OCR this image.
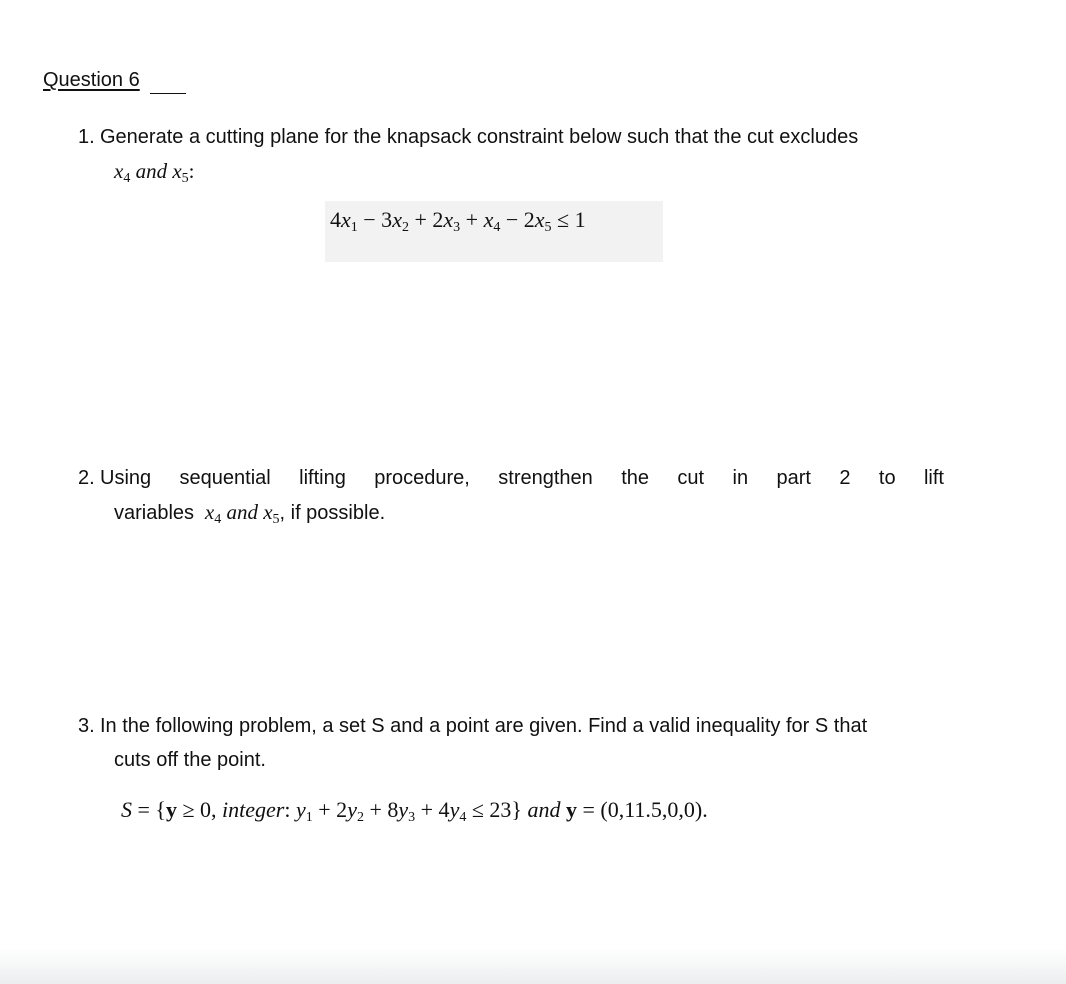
Question 6
1. Generate a cutting plane for the knapsack constraint below such that the cut excludes
$x_4$ and $x_5$:
$4x_1 - 3x_2 + 2x_3 + x_4 - 2x_5 \le 1$
2. Using sequential lifting procedure, strengthen the cut in part 2 to lift
variables $x_4$ and $x_5$, if possible.
3. In the following problem, a set S and a point are given. Find a valid inequality for S that
cuts off the point.
S = {y ≥ 0, integer: $y_1 + 2y_2 + 8y_3 + 4y_4 \le 23$} and y = (0,11.5,0,0).
